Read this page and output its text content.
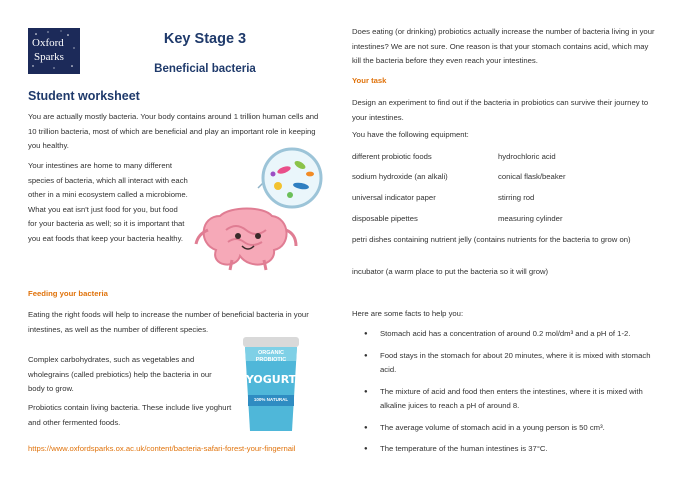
Oxford
Sparks
Key Stage 3
Beneficial bacteria
Student worksheet
You are actually mostly bacteria. Your body contains around 1 trillion human cells and 10 trillion bacteria, most of which are beneficial and play an important role in keeping you healthy.
Your intestines are home to many different species of bacteria, which all interact with each other in a mini ecosystem called a microbiome. What you eat isn't just food for you, but food for your bacteria as well; so it is important that you eat foods that keep your bacteria healthy.
Feeding your bacteria
Eating the right foods will help to increase the number of beneficial bacteria in your intestines, as well as the number of different species.
Complex carbohydrates, such as vegetables and wholegrains (called prebiotics) help the bacteria in our body to grow.
Probiotics contain living bacteria. These include live yoghurt and other fermented foods.
ORGANIC
PROBIOTIC
YOGURT
100% NATURAL
https://www.oxfordsparks.ox.ac.uk/content/bacteria-safari-forest-your-fingernail
Does eating (or drinking) probiotics actually increase the number of bacteria living in your intestines? We are not sure. One reason is that your stomach contains acid, which may kill the bacteria before they even reach your intestines.
Your task
Design an experiment to find out if the bacteria in probiotics can survive their journey to your intestines.
You have the following equipment:
different probiotic foods	hydrochloric acid
sodium hydroxide (an alkali)	conical flask/beaker
universal indicator paper	stirring rod
disposable pipettes	measuring cylinder
petri dishes containing nutrient jelly (contains nutrients for the bacteria to grow on)
incubator (a warm place to put the bacteria so it will grow)
Here are some facts to help you:
● Stomach acid has a concentration of around 0.2 mol/dm³ and a pH of 1-2.
● Food stays in the stomach for about 20 minutes, where it is mixed with stomach acid.
● The mixture of acid and food then enters the intestines, where it is mixed with alkaline juices to reach a pH of around 8.
● The average volume of stomach acid in a young person is 50 cm³.
● The temperature of the human intestines is 37°C.
